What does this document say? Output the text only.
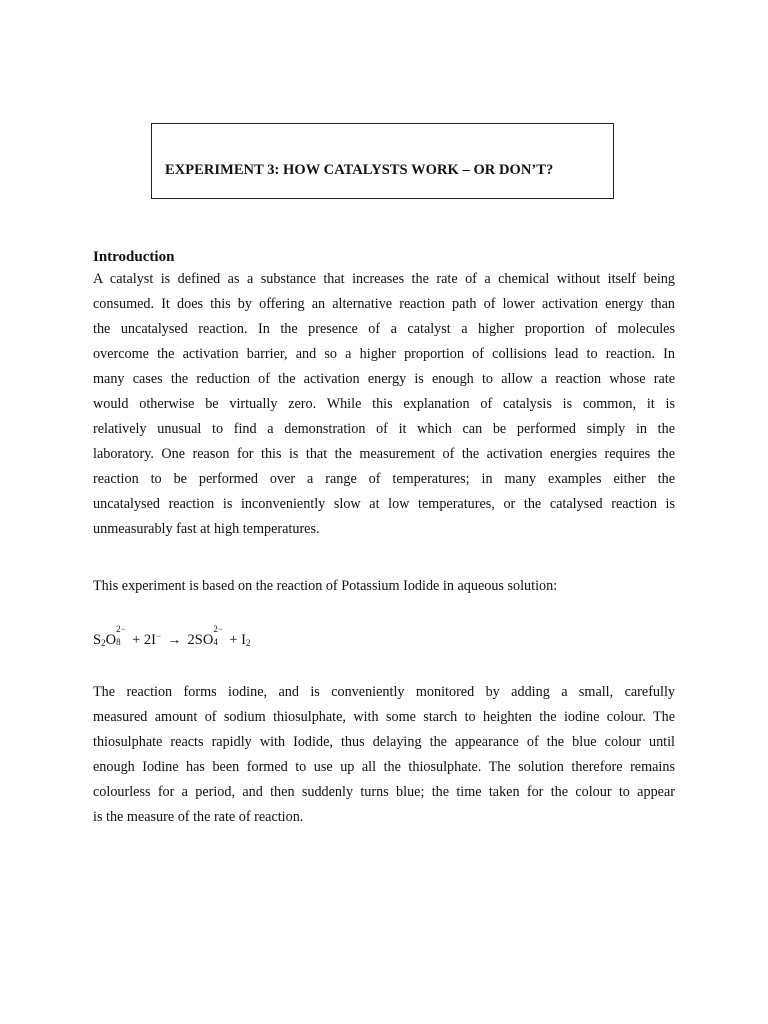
EXPERIMENT 3: HOW CATALYSTS WORK – OR DON’T?
Introduction
A catalyst is defined as a substance that increases the rate of a chemical without itself being
consumed. It does this by offering an alternative reaction path of lower activation energy than
the uncatalysed reaction. In the presence of a catalyst a higher proportion of molecules
overcome the activation barrier, and so a higher proportion of collisions lead to reaction. In
many cases the reduction of the activation energy is enough to allow a reaction whose rate
would otherwise be virtually zero. While this explanation of catalysis is common, it is
relatively unusual to find a demonstration of it which can be performed simply in the
laboratory. One reason for this is that the measurement of the activation energies requires the
reaction to be performed over a range of temperatures; in many examples either the
uncatalysed reaction is inconveniently slow at low temperatures, or the catalysed reaction is
unmeasurably fast at high temperatures.
This experiment is based on the reaction of Potassium Iodide in aqueous solution:
$S_2O$
2−
8 + 2I− → 2SO
2−
$4 + I_2$
The reaction forms iodine, and is conveniently monitored by adding a small, carefully
measured amount of sodium thiosulphate, with some starch to heighten the iodine colour. The
thiosulphate reacts rapidly with Iodide, thus delaying the appearance of the blue colour until
enough Iodine has been formed to use up all the thiosulphate. The solution therefore remains
colourless for a period, and then suddenly turns blue; the time taken for the colour to appear
is the measure of the rate of reaction.
